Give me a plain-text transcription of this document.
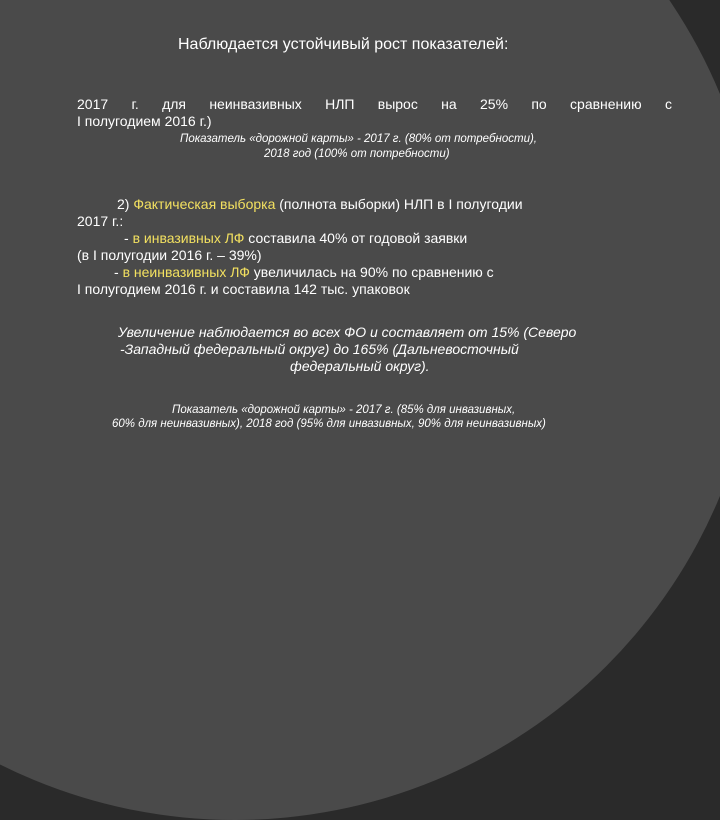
Наблюдается устойчивый рост показателей:
2017 г. для неинвазивных НЛП вырос на 25% по сравнению с
I полугодием 2016 г.)
Показатель «дорожной карты» - 2017 г. (80% от потребности),
2018 год (100% от потребности)
2) Фактическая выборка (полнота выборки) НЛП в I полугодии
2017 г.:
- в инвазивных ЛФ составила 40% от годовой заявки
(в I полугодии 2016 г. – 39%)
- в неинвазивных ЛФ увеличилась на 90% по сравнению с
I полугодием 2016 г. и составила 142 тыс. упаковок
Увеличение наблюдается во всех ФО и составляет от 15% (Северо
-Западный федеральный округ) до 165% (Дальневосточный
федеральный округ).
Показатель «дорожной карты» - 2017 г. (85% для инвазивных,
60% для неинвазивных), 2018 год (95% для инвазивных, 90% для неинвазивных)
